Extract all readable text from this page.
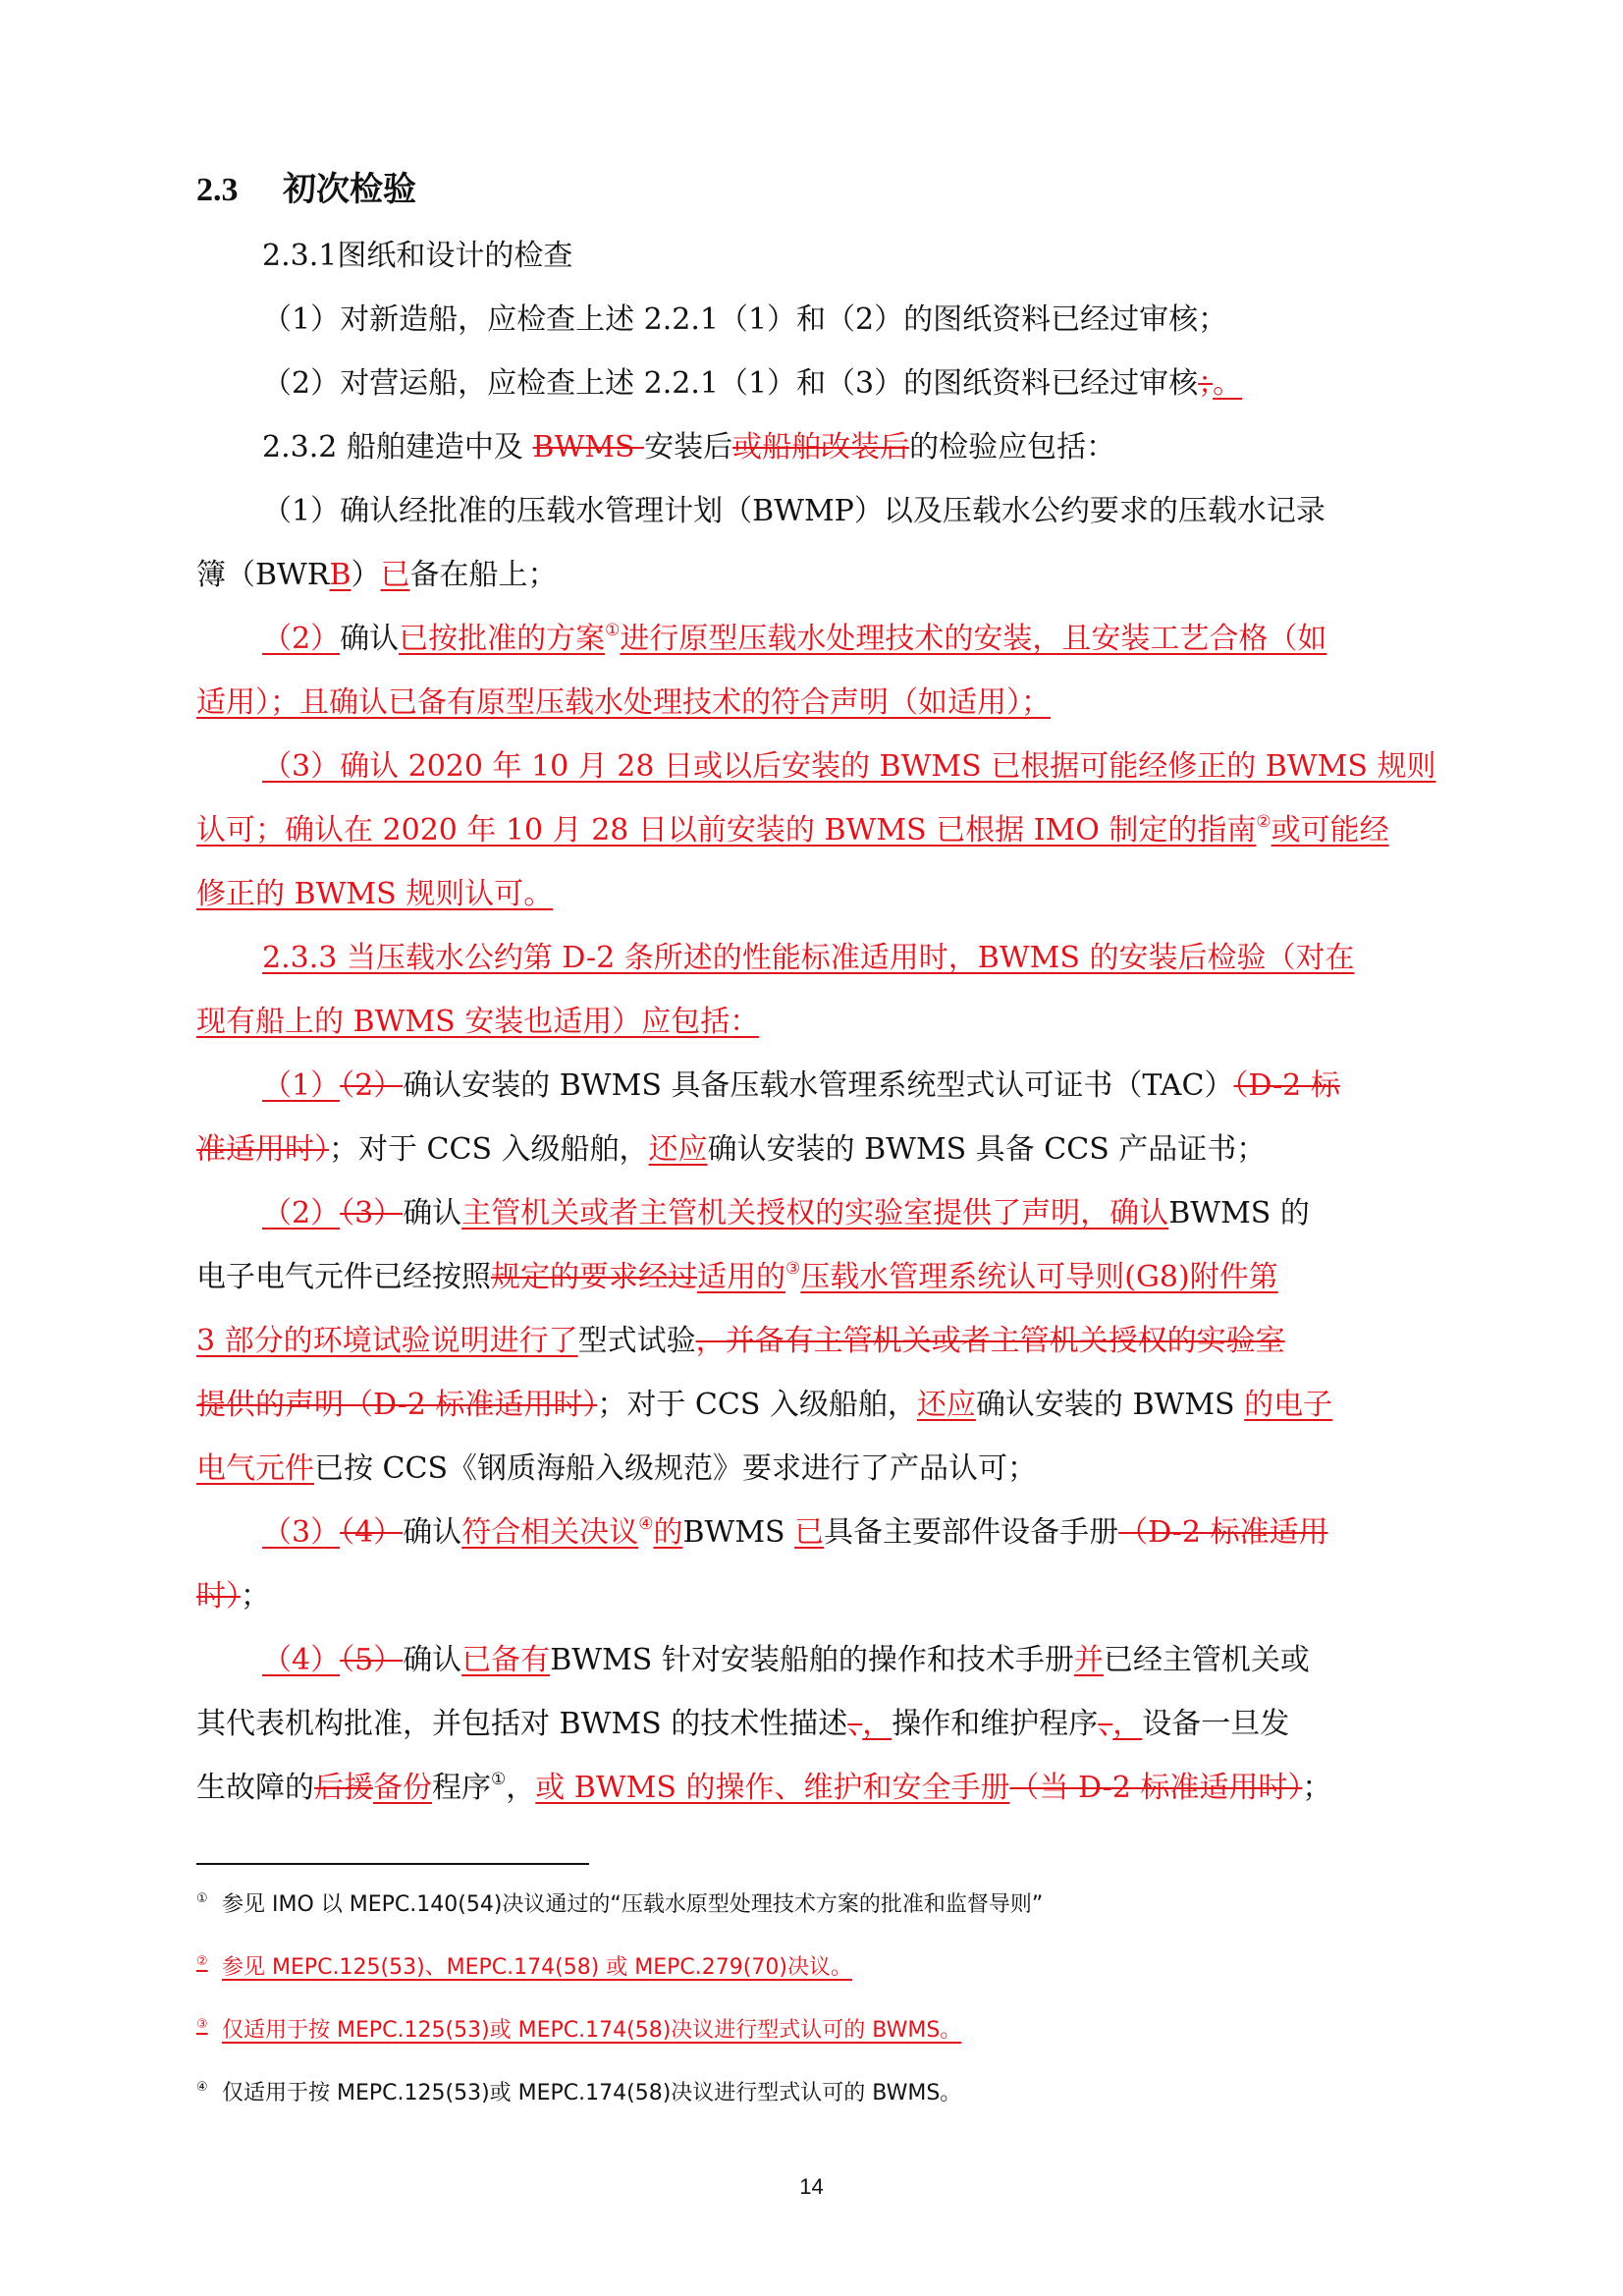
2.3 初次检验
2.3.1图纸和设计的检查
（1）对新造船，应检查上述 2.2.1（1）和（2）的图纸资料已经过审核；
（2）对营运船，应检查上述 2.2.1（1）和（3）的图纸资料已经过审核；。
2.3.2 船舶建造中及 BWMS 安装后或船舶改装后的检验应包括：
（1）确认经批准的压载水管理计划（BWMP）以及压载水公约要求的压载水记录
簿（BWRB）已备在船上；
（2）确认已按批准的方案①进行原型压载水处理技术的安装，且安装工艺合格（如
适用）；且确认已备有原型压载水处理技术的符合声明（如适用）；
（3）确认 2020 年 10 月 28 日或以后安装的 BWMS 已根据可能经修正的 BWMS 规则
认可；确认在 2020 年 10 月 28 日以前安装的 BWMS 已根据 IMO 制定的指南②或可能经
修正的 BWMS 规则认可。
2.3.3 当压载水公约第 D-2 条所述的性能标准适用时，BWMS 的安装后检验（对在
现有船上的 BWMS 安装也适用）应包括：
（1）（2）确认安装的 BWMS 具备压载水管理系统型式认可证书（TAC）（D-2 标
准适用时）；对于 CCS 入级船舶，还应确认安装的 BWMS 具备 CCS 产品证书；
（2）（3）确认主管机关或者主管机关授权的实验室提供了声明，确认BWMS 的
电子电气元件已经按照规定的要求经过适用的③压载水管理系统认可导则(G8)附件第
3 部分的环境试验说明进行了型式试验，并备有主管机关或者主管机关授权的实验室
提供的声明（D-2 标准适用时）；对于 CCS 入级船舶，还应确认安装的 BWMS 的电子
电气元件已按 CCS《钢质海船入级规范》要求进行了产品认可；
（3）（4）确认符合相关决议④的BWMS 已具备主要部件设备手册（D-2 标准适用
时）；
（4）（5）确认已备有BWMS 针对安装船舶的操作和技术手册并已经主管机关或
其代表机构批准，并包括对 BWMS 的技术性描述、，操作和维护程序、，设备一旦发
生故障的后援备份程序①，或 BWMS 的操作、维护和安全手册（当 D-2 标准适用时）；
① 参见 IMO 以 MEPC.140(54)决议通过的“压载水原型处理技术方案的批准和监督导则”
② 参见 MEPC.125(53)、MEPC.174(58) 或 MEPC.279(70)决议。
③ 仅适用于按 MEPC.125(53)或 MEPC.174(58)决议进行型式认可的 BWMS。
④ 仅适用于按 MEPC.125(53)或 MEPC.174(58)决议进行型式认可的 BWMS。
14
